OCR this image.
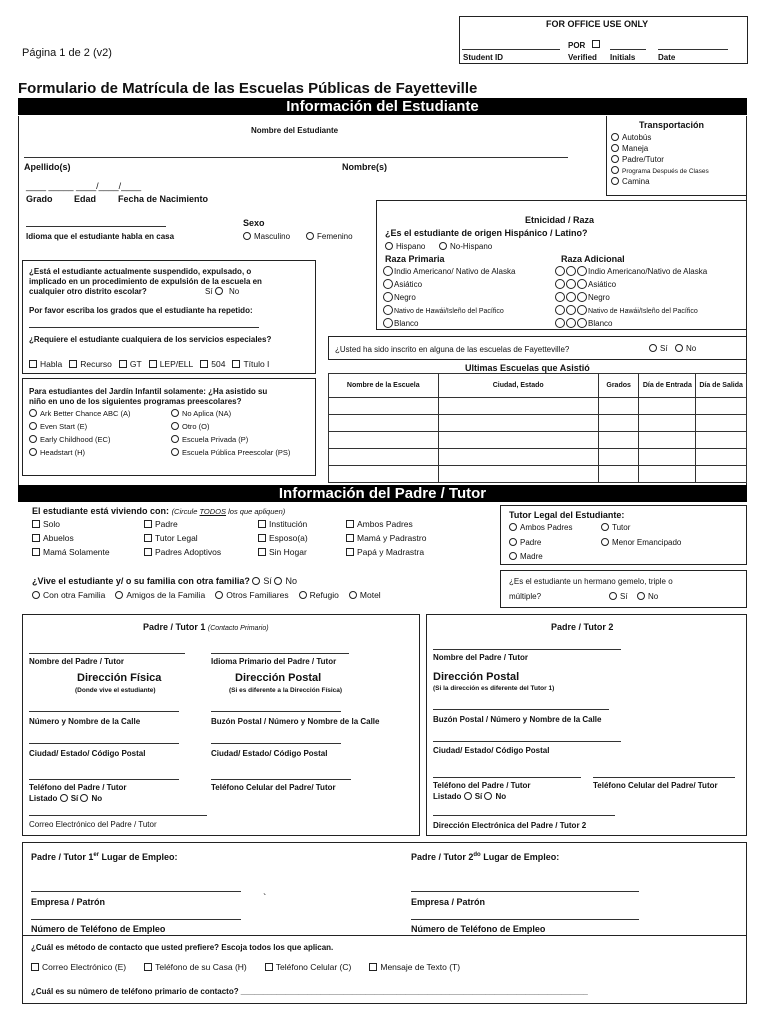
FOR OFFICE USE ONLY
POR
Student ID	Verified Initials	Date
Página 1 de 2 (v2)
Formulario de Matrícula de las Escuelas Públicas de Fayetteville
Información del Estudiante
Nombre del Estudiante
Apellido(s)	Nombre(s)
____ _____ ____/____/____
Grado Edad Fecha de Nacimiento
Transportación
Autobús
Maneja
Padre/Tutor
Programa Después de Clases
Camina
Idioma que el estudiante habla en casa
Sexo
Masculino	Femenino
Etnicidad / Raza
¿Es el estudiante de origen Hispánico / Latino?
Hispano	No-Hispano
Raza Primaria	Raza Adicional
Indio Americano/ Nativo de Alaska
Asiático
Negro
Nativo de Hawái/Isleño del Pacífico
Blanco
Indio Americano/Nativo de Alaska
Asiático
Negro
Nativo de Hawái/Isleño del Pacífico
Blanco
¿Está el estudiante actualmente suspendido, expulsado, o
implicado en un procedimiento de expulsión de la escuela en
cualquier otro distrito escolar?	Sí	No
Por favor escriba los grados que el estudiante ha repetido:
¿Requiere el estudiante cualquiera de los servicios especiales?
Habla Recurso GT LEP/ELL 504 Título I
Para estudiantes del Jardín Infantil solamente: ¿Ha asistido su
niño en uno de los siguientes programas preescolares?
Ark Better Chance ABC (A)
Even Start (E)
Early Childhood (EC)
Headstart (H)
No Aplica (NA)
Otro (O)
Escuela Privada (P)
Escuela Pública Preescolar (PS)
¿Usted ha sido inscrito en alguna de las escuelas de Fayetteville?	Sí	No
Ultimas Escuelas que Asistió
Nombre de la Escuela	Ciudad, Estado	Grados	Día de Entrada	Día de Salida

Información del Padre / Tutor
El estudiante está viviendo con: (Circule TODOS los que apliquen)
Solo	Padre	Institución	Ambos Padres
Abuelos	Tutor Legal	Esposo(a)	Mamá y Padrastro
Mamá Solamente	Padres Adoptivos	Sin Hogar	Papá y Madrastra
Tutor Legal del Estudiante:
Ambos Padres	Tutor
Padre	Menor Emancipado
Madre
¿Vive el estudiante y/ o su familia con otra familia? Sí No
Con otra Familia Amigos de la Familia Otros Familiares Refugio Motel
¿Es el estudiante un hermano gemelo, triple o
múltiple?	Sí	No
Padre / Tutor 1 (Contacto Primario)
Nombre del Padre / Tutor	Idioma Primario del Padre / Tutor
Dirección Física
(Donde vive el estudiante)
Dirección Postal
(Si es diferente a la Dirección Física)
Número y Nombre de la Calle	Buzón Postal / Número y Nombre de la Calle
Ciudad/ Estado/ Código Postal	Ciudad/ Estado/ Código Postal
Teléfono del Padre / Tutor	Teléfono Celular del Padre/ Tutor
Listado Sí No
Correo Electrónico del Padre / Tutor
Padre / Tutor 2
Nombre del Padre / Tutor
Dirección Postal
(Si la dirección es diferente del Tutor 1)
Buzón Postal / Número y Nombre de la Calle
Ciudad/ Estado/ Código Postal
Teléfono del Padre / Tutor	Teléfono Celular del Padre/ Tutor
Listado Sí No
Dirección Electrónica del Padre / Tutor 2
Padre / Tutor 1er Lugar de Empleo:	Padre / Tutor $2^{do}$ Lugar de Empleo:
`
Empresa / Patrón	Empresa / Patrón
Número de Teléfono de Empleo	Número de Teléfono de Empleo
¿Cuál es método de contacto que usted prefiere? Escoja todos los que aplican.
Correo Electrónico (E)	Teléfono de su Casa (H)	Teléfono Celular (C)	Mensaje de Texto (T)
¿Cuál es su número de teléfono primario de contacto? ______________________________________________________________________________
